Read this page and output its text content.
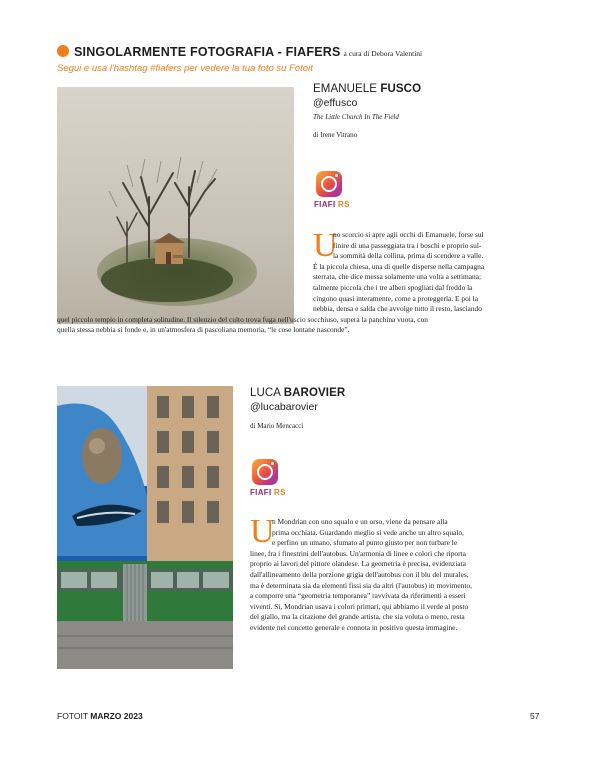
SINGOLARMENTE FOTOGRAFIA - FIAFERS a cura di Debora Valentini
Segui e usa l'hashtag #fiafers per vedere la tua foto su Fotoit
EMANUELE FUSCO
@effusco
The Little Church In The Field
di Irene Vitrano
FIAFI RS
U
no scorcio si apre agli occhi di Emanuele, forse sul
finire di una passeggiata tra i boschi e proprio sul-
la sommità della collina, prima di scendere a valle.
È la piccola chiesa, una di quelle disperse nella campagna
sterrata, che dice messa solamente una volta a settimana;
talmente piccola che i tre alberi spogliati dal freddo la
cingono quasi interamente, come a proteggerla. E poi la
nebbia, densa e salda che avvolge tutto il resto, lasciando
quel piccolo tempio in completa solitudine. Il silenzio del culto trova fuga nell'uscio socchiuso, supera la panchina vuota, con
quella stessa nebbia si fonde e, in un'atmosfera di pascoliana memoria, “le cose lontane nasconde”.
LUCA BAROVIER
@lucabarovier
di Mario Mencacci
FIAFI RS
U
n Mondrian con uno squalo e un orso, viene da pensare alla
prima occhiata. Guardando meglio si vede anche un altro squalo,
e perfino un umano, sfumato al punto giusto per non turbare le
linee, fra i finestrini dell'autobus. Un'armonia di linee e colori che riporta
proprio ai lavori del pittore olandese. La geometria è precisa, evidenziata
dall'allineamento della porzione grigia dell'autobus con il blu del murales,
ma è determinata sia da elementi fissi sia da altri (l'autobus) in movimento,
a comporre una “geometria temporanea” ravvivata da riferimenti a esseri
viventi. Sì, Mondrian usava i colori primari, qui abbiamo il verde al posto
del giallo, ma la citazione del grande artista, che sia voluta o meno, resta
evidente nel concetto generale e connota in positivo questa immagine.
FOTOIT MARZO 2023	57
